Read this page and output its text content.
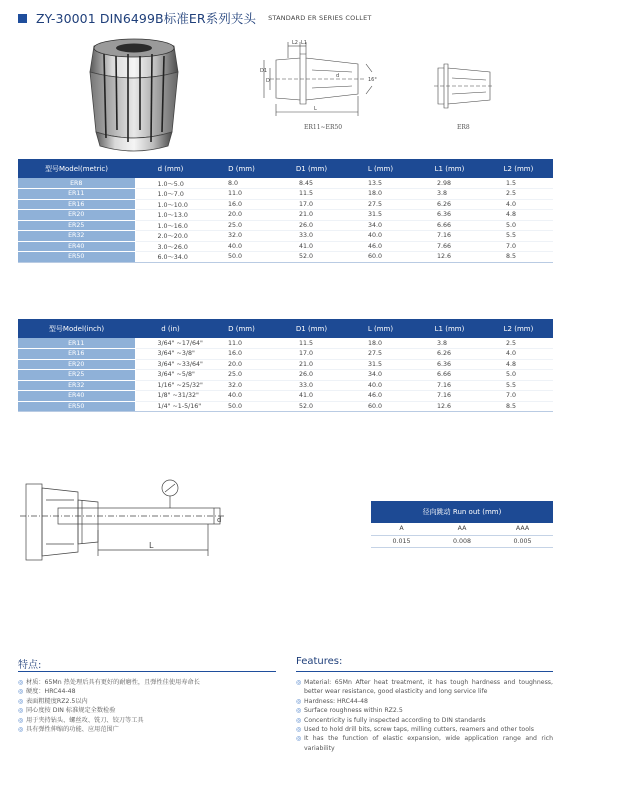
ZY-30001 DIN6499B标准ER系列夹头 STANDARD ER SERIES COLLET
L2 L1
D1
D
d
16°
L
ER11~ER50	ER8
型号Model(metric)	d (mm)	D (mm)	D1 (mm)	L (mm)	L1 (mm)	L2 (mm)
ER8	1.0～5.0	8.0	8.45	13.5	2.98	1.5
ER11	1.0～7.0	11.0	11.5	18.0	3.8	2.5
ER16	1.0～10.0	16.0	17.0	27.5	6.26	4.0
ER20	1.0～13.0	20.0	21.0	31.5	6.36	4.8
ER25	1.0～16.0	25.0	26.0	34.0	6.66	5.0
ER32	2.0～20.0	32.0	33.0	40.0	7.16	5.5
ER40	3.0～26.0	40.0	41.0	46.0	7.66	7.0
ER50	6.0～34.0	50.0	52.0	60.0	12.6	8.5
型号Model(inch)	d (in)	D (mm)	D1 (mm)	L (mm)	L1 (mm)	L2 (mm)
ER11	3/64" ~17/64"	11.0	11.5	18.0	3.8	2.5
ER16	3/64" ~3/8"	16.0	17.0	27.5	6.26	4.0
ER20	3/64" ~33/64"	20.0	21.0	31.5	6.36	4.8
ER25	3/64" ~5/8"	25.0	26.0	34.0	6.66	5.0
ER32	1/16" ~25/32"	32.0	33.0	40.0	7.16	5.5
ER40	1/8" ~31/32"	40.0	41.0	46.0	7.16	7.0
ER50	1/4" ~1-5/16"	50.0	52.0	60.0	12.6	8.5
L
d
径向跳动 Run out (mm)		
A	AA	AAA
0.015	0.008	0.005
特点:
◎ 材质：65Mn 热处理后具有更好的耐磨性，且弹性佳使用寿命长
◎ 硬度：HRC44-48
◎ 表面粗糙度RZ2.5以内
◎ 同心度按 DIN 标准规定全数检验
◎ 用于夹持钻头、螺丝攻、铣刀、铰刀等工具
◎ 具有弹性伸缩的功能、应用范围广
Features:
◎ Material: 65Mn After heat treatment, it has tough hardness and toughness, better wear resistance, good elasticity and long service life
◎ Hardness: HRC44-48
◎ Surface roughness within RZ2.5
◎ Concentricity is fully inspected according to DIN standards
◎ Used to hold drill bits, screw taps, milling cutters, reamers and other tools
◎ It has the function of elastic expansion, wide application range and rich variability
